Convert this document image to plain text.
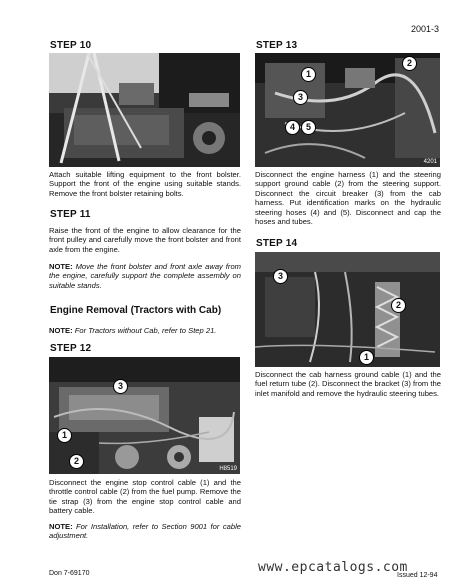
2001-3
STEP 10
Attach suitable lifting equipment to the front bolster. Support the front of the engine using suitable stands. Remove the front bolster retaining bolts.
STEP 11
Raise the front of the engine to allow clearance for the front pulley and carefully move the front bolster and front axle from the engine.
NOTE: Move the front bolster and front axle away from the engine, carefully support the complete assembly on suitable stands.
Engine Removal (Tractors with Cab)
NOTE: For Tractors without Cab, refer to Step 21.
STEP 12
1
2
3
H8519
Disconnect the engine stop control cable (1) and the throttle control cable (2) from the fuel pump. Remove the tie strap (3) from the engine stop control cable and battery cable.
NOTE: For Installation, refer to Section 9001 for cable adjustment.
STEP 13
1
2
3
4	5
4201
Disconnect the engine harness (1) and the steering support ground cable (2) from the steering support. Disconnect the circuit breaker (3) from the cab harness. Put identification marks on the hydraulic steering hoses (4) and (5). Disconnect and cap the hoses and tubes.
STEP 14
3
2
1
Disconnect the cab harness ground cable (1) and the fuel return tube (2). Disconnect the bracket (3) from the inlet manifold and remove the hydraulic steering tubes.
Don 7-69170	www.epcatalogs.com
Issued 12-94
